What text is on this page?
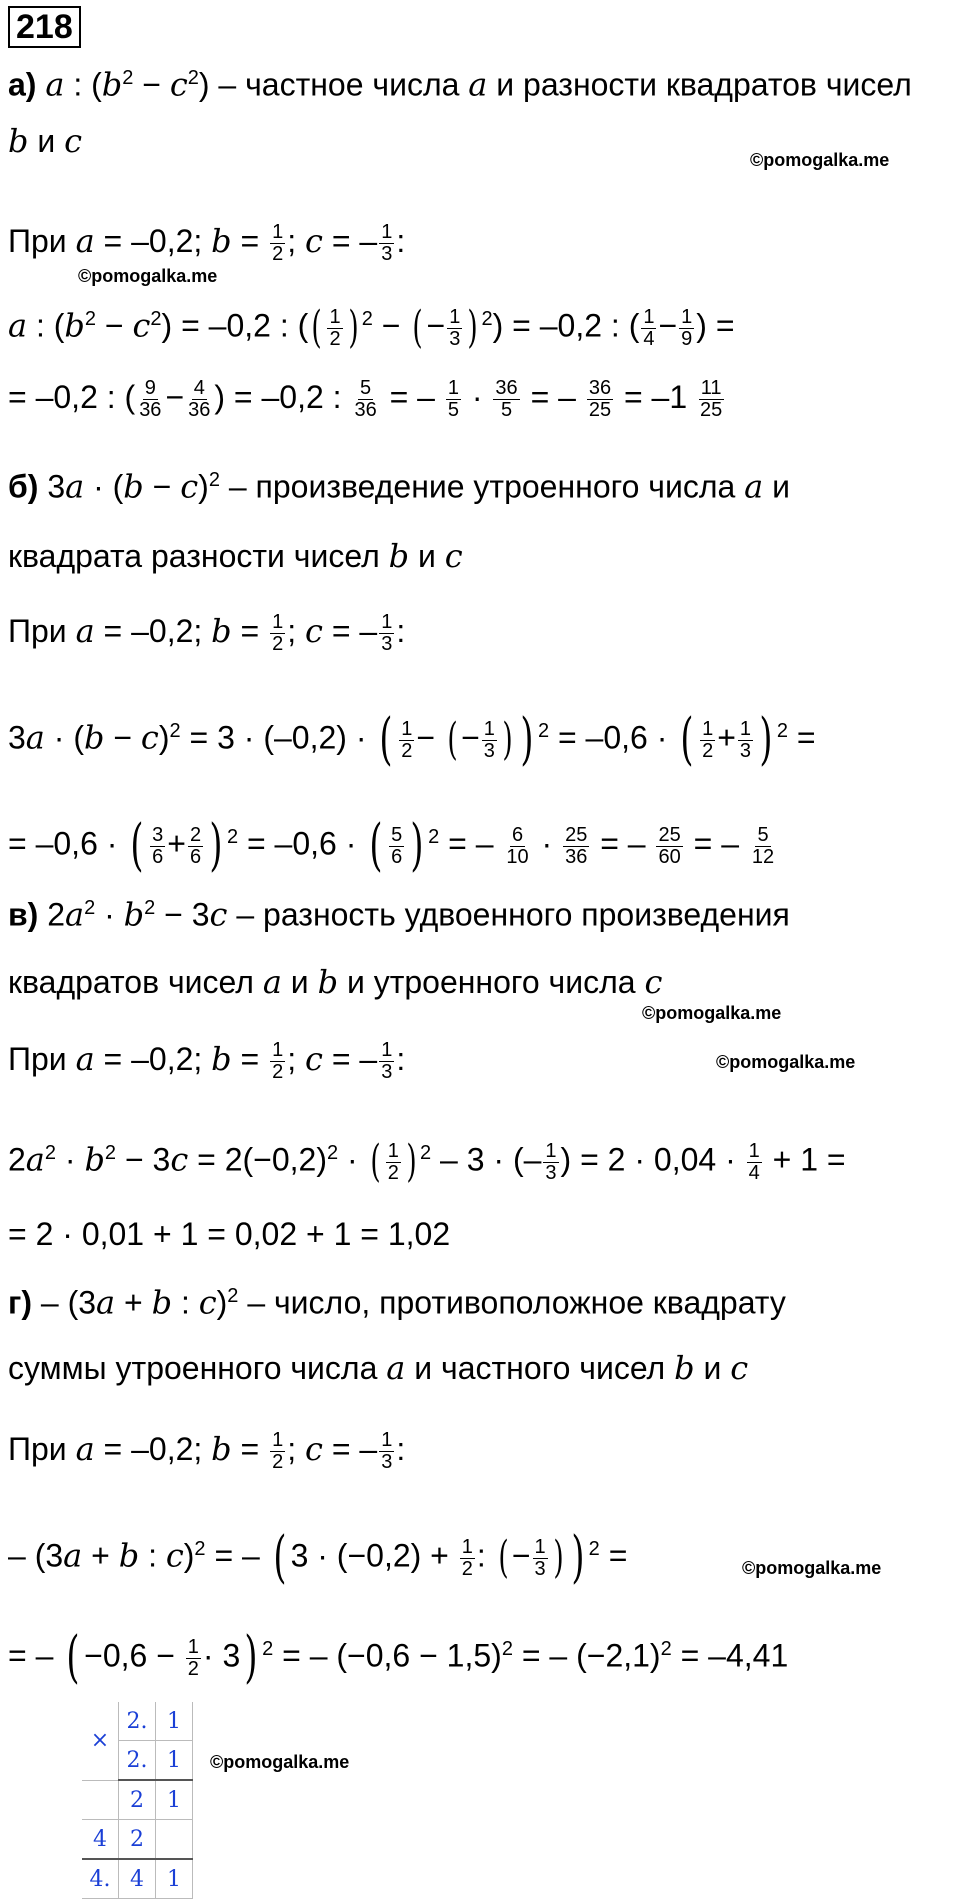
218
а) a : $(b^2 - c^2)$ – частное числа a и разности квадратов чисел
b и c	©pomogalka.me
При a = –0,2; $b = \frac{1}{2}$ ; c = – $\frac{1}{3}$ :
©pomogalka.me
a : $(b^2 - c^2) = -0,2$ : (( $\frac{1}{2}$ ) $^2$ − ( − $\frac{1}{3}$ ) $^2$) = –0,2 : ( $\frac{1}{4} - \frac{1}{9}$ ) =
= –0,2 : ( $\frac{9}{36} - \frac{4}{36}$ ) = –0,2 : $\frac{5}{36}$ = – $\frac{1}{5} \cdot \frac{36}{5}$ = – $\frac{36}{25} = -1 \frac{11}{25}$
б) $3a \cdot (b - c)^2$ – произведение утроенного числа a и
квадрата разности чисел b и c
При a = –0,2; $b = \frac{1}{2}$ ; c = – $\frac{1}{3}$ :
$3a \cdot (b - c)^2 = 3 \cdot (-0,2)$ · ( $\frac{1}{2}$ − ( − $\frac{1}{3}$ ) ) $^2$ = –0,6 · ( $\frac{1}{2} + \frac{1}{3}$ ) $^2$ =
= –0,6 · ( $\frac{3}{6} + \frac{2}{6}$ ) $^2$ = –0,6 · ( $\frac{5}{6}$ ) $^2$ = – $\frac{6}{10} \cdot \frac{25}{36}$ = – $\frac{25}{60}$ = – $\frac{5}{12}$
в) $2a^2 \cdot b^2 - 3c$ – разность удвоенного произведения
квадратов чисел a и b и утроенного числа c
©pomogalka.me
При a = –0,2; $b = \frac{1}{2}$ ; c = – $\frac{1}{3}$ :	©pomogalka.me
$2a^2 \cdot b^2 - 3c = 2(-0,2)^2$ · ( $\frac{1}{2}$ ) $^2$ – 3 · (– $\frac{1}{3}$ ) = $2 \cdot 0,04 \cdot \frac{1}{4} + 1$ =
= 2 · 0,01 + 1 = 0,02 + 1 = 1,02
г) – (3a + b : c)$^2$ – число, противоположное квадрату
суммы утроенного числа a и частного чисел b и c
При a = –0,2; $b = \frac{1}{2}$ ; c = – $\frac{1}{3}$ :
– (3a + b : c)$^2$ = – ( $3 \cdot (-0,2) + \frac{1}{2}$ : ( − $\frac{1}{3}$ ) ) $^2$ =	©pomogalka.me
= – ( $-0,6 - \frac{1}{2} \cdot 3$) $^2$ = – $(-0,6 - 1,5)^2$ = – $(-2,1)^2 = -4,41$
×	2.	1
	2.	1
	2	1
4	2	
4.	4	1
©pomogalka.me
